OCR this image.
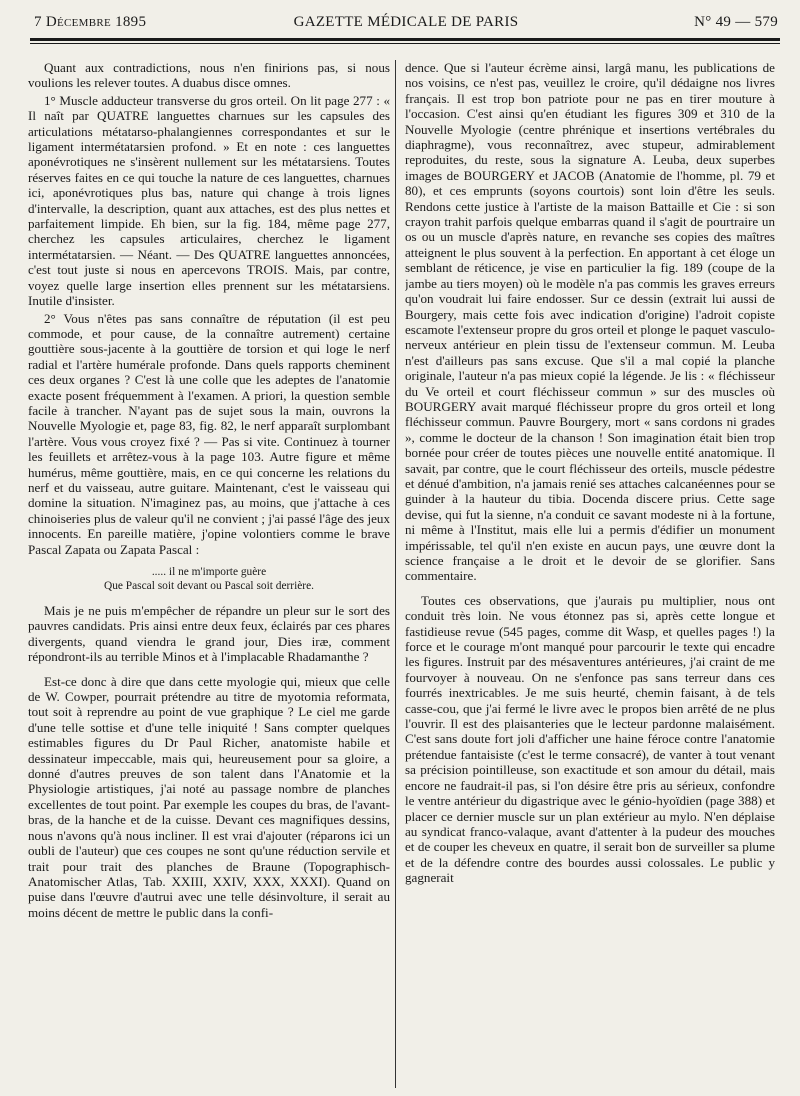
7 Décembre 1895	GAZETTE MÉDICALE DE PARIS	N° 49 — 579

Quant aux contradictions, nous n'en finirions pas, si nous voulions les relever toutes. A duabus disce omnes.

1° Muscle adducteur transverse du gros orteil. On lit page 277 : « Il naît par QUATRE languettes charnues sur les capsules des articulations métatarso-phalangiennes correspondantes et sur le ligament intermétatarsien profond. » Et en note : ces languettes aponévrotiques ne s'insèrent nullement sur les métatarsiens. Toutes réserves faites en ce qui touche la nature de ces languettes, charnues ici, aponévrotiques plus bas, nature qui change à trois lignes d'intervalle, la description, quant aux attaches, est des plus nettes et parfaitement limpide. Eh bien, sur la fig. 184, même page 277, cherchez les capsules articulaires, cherchez le ligament intermétatarsien. — Néant. — Des QUATRE languettes annoncées, c'est tout juste si nous en apercevons TROIS. Mais, par contre, voyez quelle large insertion elles prennent sur les métatarsiens. Inutile d'insister.

2° Vous n'êtes pas sans connaître de réputation (il est peu commode, et pour cause, de la connaître autrement) certaine gouttière sous-jacente à la gouttière de torsion et qui loge le nerf radial et l'artère humérale profonde. Dans quels rapports cheminent ces deux organes ? C'est là une colle que les adeptes de l'anatomie exacte posent fréquemment à l'examen. A priori, la question semble facile à trancher. N'ayant pas de sujet sous la main, ouvrons la Nouvelle Myologie et, page 83, fig. 82, le nerf apparaît surplombant l'artère. Vous vous croyez fixé ? — Pas si vite. Continuez à tourner les feuillets et arrêtez-vous à la page 103. Autre figure et même humérus, même gouttière, mais, en ce qui concerne les relations du nerf et du vaisseau, autre guitare. Maintenant, c'est le vaisseau qui domine la situation. N'imaginez pas, au moins, que j'attache à ces chinoiseries plus de valeur qu'il ne convient ; j'ai passé l'âge des jeux innocents. En pareille matière, j'opine volontiers comme le brave Pascal Zapata ou Zapata Pascal :

..... il ne m'importe guère
Que Pascal soit devant ou Pascal soit derrière.

Mais je ne puis m'empêcher de répandre un pleur sur le sort des pauvres candidats. Pris ainsi entre deux feux, éclairés par ces phares divergents, quand viendra le grand jour, Dies iræ, comment répondront-ils au terrible Minos et à l'implacable Rhadamanthe ?

Est-ce donc à dire que dans cette myologie qui, mieux que celle de W. Cowper, pourrait prétendre au titre de myotomia reformata, tout soit à reprendre au point de vue graphique ? Le ciel me garde d'une telle sottise et d'une telle iniquité ! Sans compter quelques estimables figures du Dr Paul Richer, anatomiste habile et dessinateur impeccable, mais qui, heureusement pour sa gloire, a donné d'autres preuves de son talent dans l'Anatomie et la Physiologie artistiques, j'ai noté au passage nombre de planches excellentes de tout point. Par exemple les coupes du bras, de l'avant-bras, de la hanche et de la cuisse. Devant ces magnifiques dessins, nous n'avons qu'à nous incliner. Il est vrai d'ajouter (réparons ici un oubli de l'auteur) que ces coupes ne sont qu'une réduction servile et trait pour trait des planches de Braune (Topographisch-Anatomischer Atlas, Tab. XXIII, XXIV, XXX, XXXI). Quand on puise dans l'œuvre d'autrui avec une telle désinvolture, il serait au moins décent de mettre le public dans la confi-

dence. Que si l'auteur écrème ainsi, largâ manu, les publications de nos voisins, ce n'est pas, veuillez le croire, qu'il dédaigne nos livres français. Il est trop bon patriote pour ne pas en tirer mouture à l'occasion. C'est ainsi qu'en étudiant les figures 309 et 310 de la Nouvelle Myologie (centre phrénique et insertions vertébrales du diaphragme), vous reconnaîtrez, avec stupeur, admirablement reproduites, du reste, sous la signature A. Leuba, deux superbes images de BOURGERY et JACOB (Anatomie de l'homme, pl. 79 et 80), et ces emprunts (soyons courtois) sont loin d'être les seuls. Rendons cette justice à l'artiste de la maison Battaille et Cie : si son crayon trahit parfois quelque embarras quand il s'agit de pourtraire un os ou un muscle d'après nature, en revanche ses copies des maîtres atteignent le plus souvent à la perfection. En apportant à cet éloge un semblant de réticence, je vise en particulier la fig. 189 (coupe de la jambe au tiers moyen) où le modèle n'a pas commis les graves erreurs qu'on voudrait lui faire endosser. Sur ce dessin (extrait lui aussi de Bourgery, mais cette fois avec indication d'origine) l'adroit copiste escamote l'extenseur propre du gros orteil et plonge le paquet vasculo-nerveux antérieur en plein tissu de l'extenseur commun. M. Leuba n'est d'ailleurs pas sans excuse. Que s'il a mal copié la planche originale, l'auteur n'a pas mieux copié la légende. Je lis : « fléchisseur du Ve orteil et court fléchisseur commun » sur des muscles où BOURGERY avait marqué fléchisseur propre du gros orteil et long fléchisseur commun. Pauvre Bourgery, mort « sans cordons ni grades », comme le docteur de la chanson ! Son imagination était bien trop bornée pour créer de toutes pièces une nouvelle entité anatomique. Il savait, par contre, que le court fléchisseur des orteils, muscle pédestre et dénué d'ambition, n'a jamais renié ses attaches calcanéennes pour se guinder à la hauteur du tibia. Docenda discere prius. Cette sage devise, qui fut la sienne, n'a conduit ce savant modeste ni à la fortune, ni même à l'Institut, mais elle lui a permis d'édifier un monument impérissable, tel qu'il n'en existe en aucun pays, une œuvre dont la science française a le droit et le devoir de se glorifier. Sans commentaire.

Toutes ces observations, que j'aurais pu multiplier, nous ont conduit très loin. Ne vous étonnez pas si, après cette longue et fastidieuse revue (545 pages, comme dit Wasp, et quelles pages !) la force et le courage m'ont manqué pour parcourir le texte qui encadre les figures. Instruit par des mésaventures antérieures, j'ai craint de me fourvoyer à nouveau. On ne s'enfonce pas sans terreur dans ces fourrés inextricables. Je me suis heurté, chemin faisant, à de tels casse-cou, que j'ai fermé le livre avec le propos bien arrêté de ne plus l'ouvrir. Il est des plaisanteries que le lecteur pardonne malaisément. C'est sans doute fort joli d'afficher une haine féroce contre l'anatomie prétendue fantaisiste (c'est le terme consacré), de vanter à tout venant sa précision pointilleuse, son exactitude et son amour du détail, mais encore ne faudrait-il pas, si l'on désire être pris au sérieux, confondre le ventre antérieur du digastrique avec le génio-hyoïdien (page 388) et placer ce dernier muscle sur un plan extérieur au mylo. N'en déplaise au syndicat franco-valaque, avant d'attenter à la pudeur des mouches et de couper les cheveux en quatre, il serait bon de surveiller sa plume et de la défendre contre des bourdes aussi colossales. Le public y gagnerait
